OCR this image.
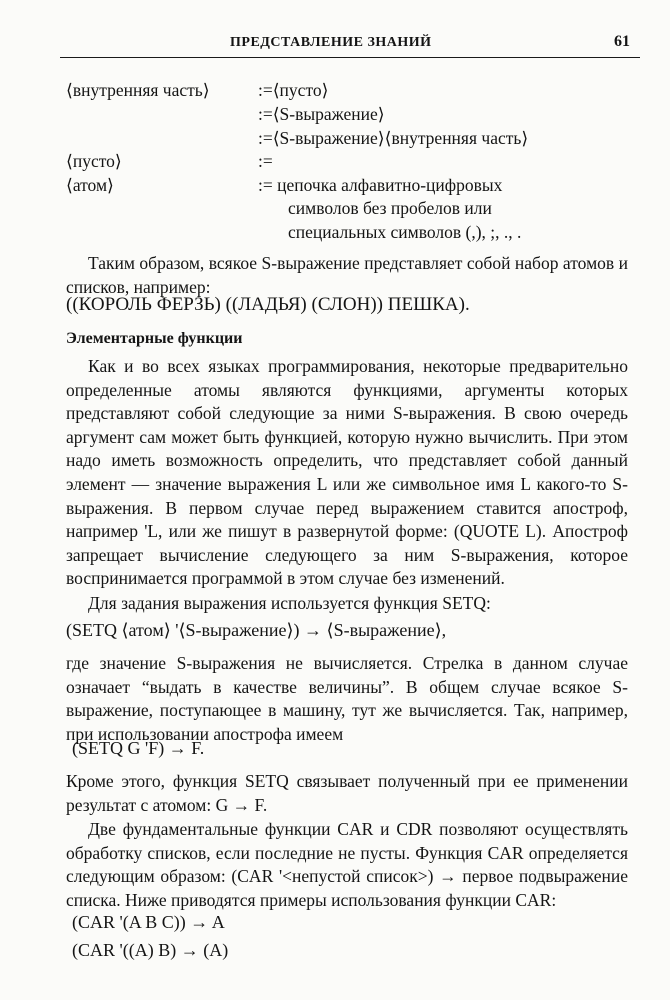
ПРЕДСТАВЛЕНИЕ ЗНАНИЙ	61
⟨внутренняя часть⟩	:=⟨пусто⟩
:=⟨S-выражение⟩
:=⟨S-выражение⟩⟨внутренняя часть⟩
⟨пусто⟩	:=
⟨атом⟩	:= цепочка алфавитно-цифровых
символов без пробелов или
специальных символов (,), ;, ., .
Таким образом, всякое S-выражение представляет собой набор атомов и списков, например:
((КОРОЛЬ ФЕРЗЬ) ((ЛАДЬЯ) (СЛОН)) ПЕШКА).
Элементарные функции
Как и во всех языках программирования, некоторые предварительно определенные атомы являются функциями, аргументы которых представляют собой следующие за ними S-выражения. В свою очередь аргумент сам может быть функцией, которую нужно вычислить. При этом надо иметь возможность определить, что представляет собой данный элемент — значение выражения L или же символьное имя L какого-то S-выражения. В первом случае перед выражением ставится апостроф, например 'L, или же пишут в развернутой форме: (QUOTE L). Апостроф запрещает вычисление следующего за ним S-выражения, которое воспринимается программой в этом случае без изменений.
Для задания выражения используется функция SETQ:
(SETQ ⟨атом⟩ '⟨S-выражение⟩) → ⟨S-выражение⟩,
где значение S-выражения не вычисляется. Стрелка в данном случае означает “выдать в качестве величины”. В общем случае всякое S-выражение, поступающее в машину, тут же вычисляется. Так, например, при использовании апострофа имеем
(SETQ G 'F) → F.
Кроме этого, функция SETQ связывает полученный при ее применении результат с атомом: G → F.
Две фундаментальные функции CAR и CDR позволяют осуществлять обработку списков, если последние не пусты. Функция CAR определяется следующим образом: (CAR '<непустой список>) → первое подвыражение списка. Ниже приводятся примеры использования функции CAR:
(CAR '(A B C)) → A
(CAR '((A) B) → (A)
